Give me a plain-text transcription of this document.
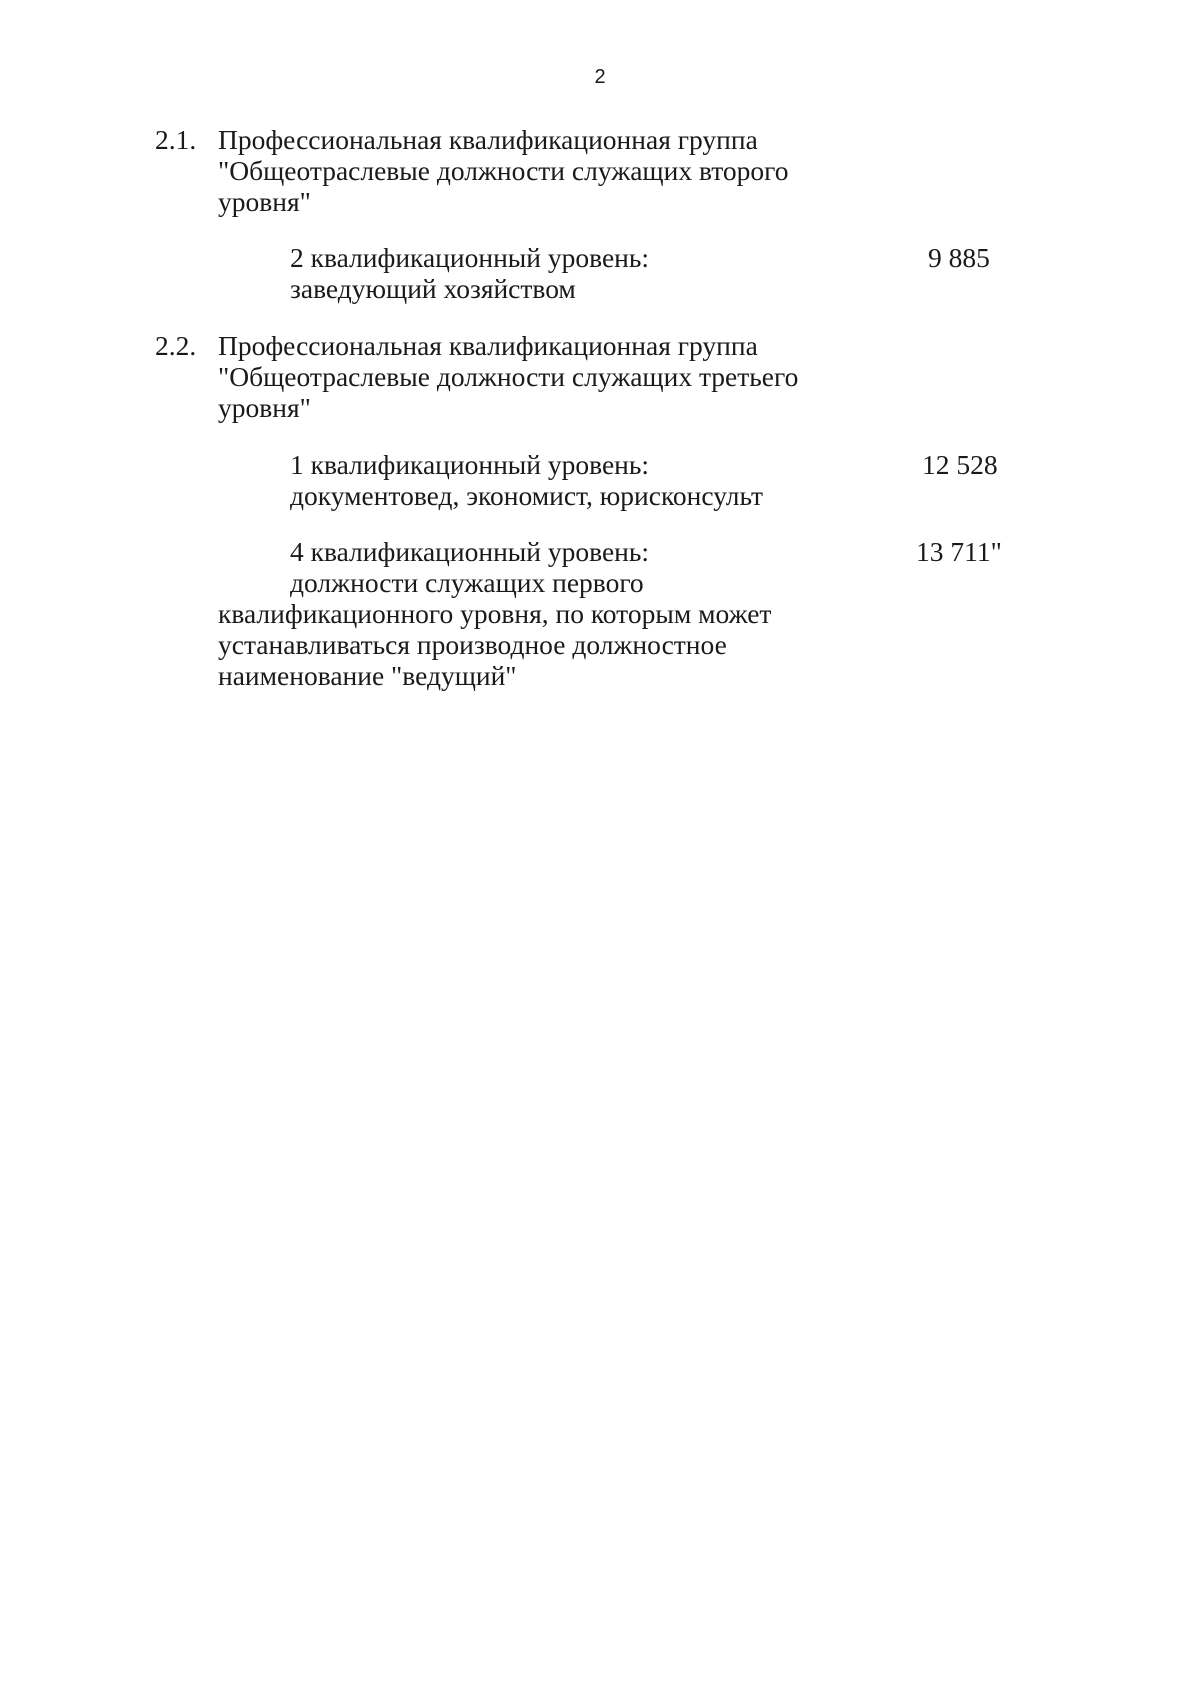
2
2.1. Профессиональная квалификационная группа
"Общеотраслевые должности служащих второго
уровня"
2 квалификационный уровень:
заведующий хозяйством
9 885
2.2. Профессиональная квалификационная группа
"Общеотраслевые должности служащих третьего
уровня"
1 квалификационный уровень:
документовед, экономист, юрисконсульт
12 528
4 квалификационный уровень:
должности служащих первого
квалификационного уровня, по которым может
устанавливаться производное должностное
наименование "ведущий"
13 711"
